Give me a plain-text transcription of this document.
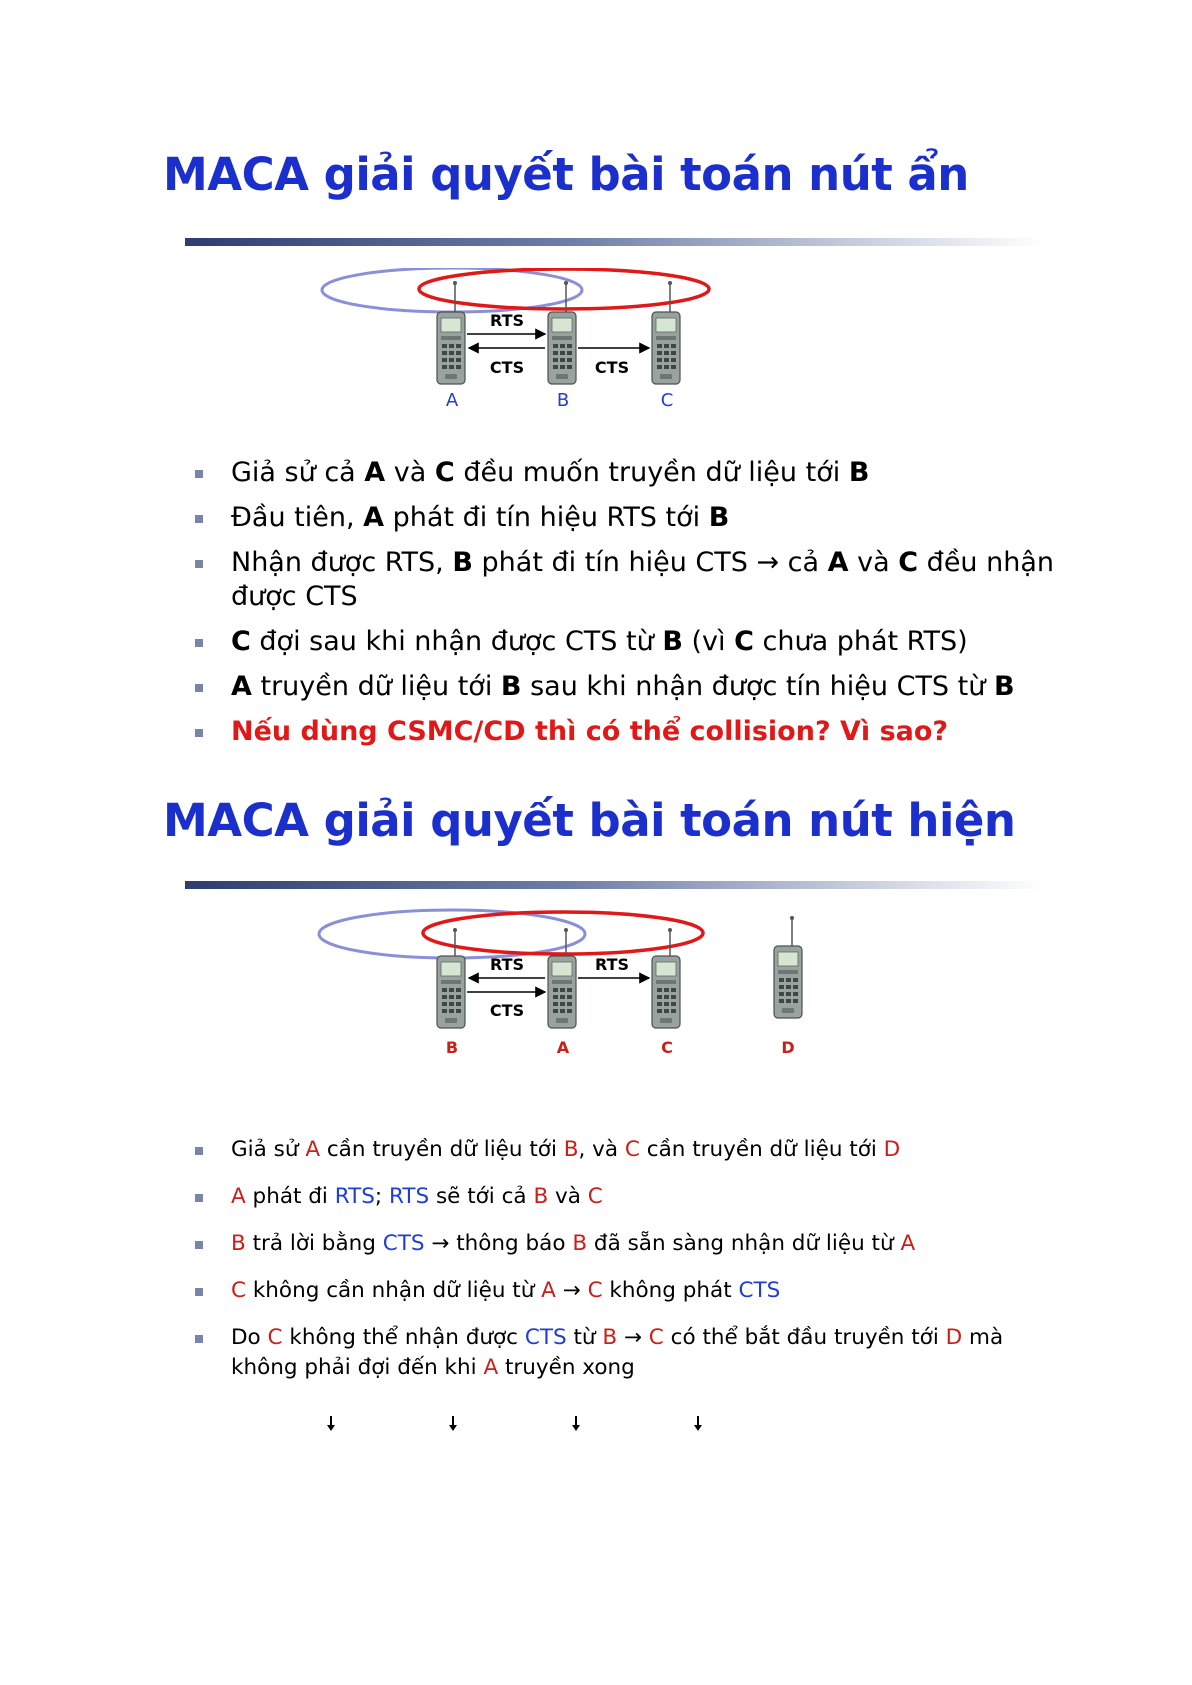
MACA giải quyết bài toán nút ẩn
RTS
CTS	CTS
A	B	C
Giả sử cả A và C đều muốn truyền dữ liệu tới B
Đầu tiên, A phát đi tín hiệu RTS tới B
Nhận được RTS, B phát đi tín hiệu CTS → cả A và C đều nhận được CTS
C đợi sau khi nhận được CTS từ B (vì C chưa phát RTS)
A truyền dữ liệu tới B sau khi nhận được tín hiệu CTS từ B
Nếu dùng CSMC/CD thì có thể collision? Vì sao?
MACA giải quyết bài toán nút hiện
RTS	RTS
CTS
B	A	C	D
Giả sử A cần truyền dữ liệu tới B, và C cần truyền dữ liệu tới D
A phát đi RTS; RTS sẽ tới cả B và C
B trả lời bằng CTS → thông báo B đã sẵn sàng nhận dữ liệu từ A
C không cần nhận dữ liệu từ A → C không phát CTS
Do C không thể nhận được CTS từ B → C có thể bắt đầu truyền tới D mà không phải đợi đến khi A truyền xong
